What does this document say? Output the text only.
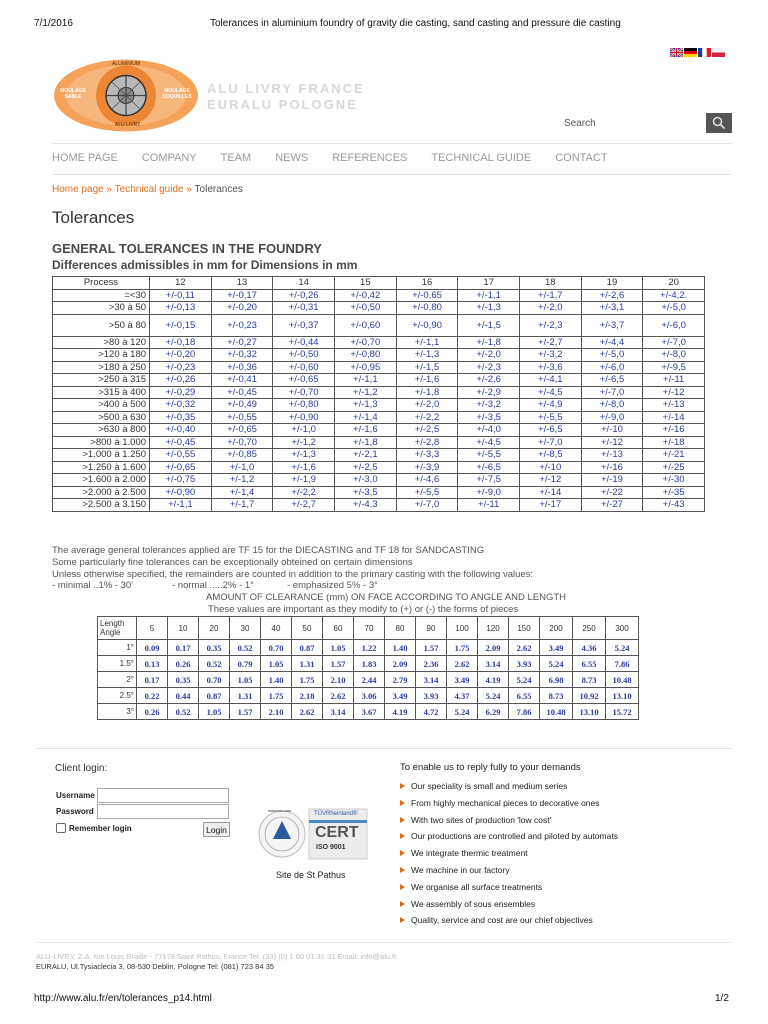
7/1/2016	Tolerances in aluminium foundry of gravity die casting, sand casting and pressure die casting
ALUMINIUM
MOULAGE SABLE
MOULAGE COQUILLES
ALU LIVRY
ALU LIVRY FRANCE
EURALU POLOGNE
Search
HOME PAGE COMPANY TEAM NEWS REFERENCES TECHNICAL GUIDE CONTACT
Home page » Technical guide » Tolerances
Tolerances
GENERAL TOLERANCES IN THE FOUNDRY
Differences admissibles in mm for Dimensions in mm
Process	12	13	14	15	16	17	18	19	20
=<30	+/-0,11	+/-0,17	+/-0,26	+/-0,42	+/-0,65	+/-1,1	+/-1,7	+/-2,6	+/-4,2.
>30 à 50	+/-0,13	+/-0,20	+/-0,31	+/-0,50	+/-0,80	+/-1,3	+/-2,0	+/-3,1	+/-5,0
>50 à 80	+/-0,15	+/-0,23	+/-0,37	+/-0,60	+/-0,90	+/-1,5	+/-2,3	+/-3,7	+/-6,0
>80 à 120	+/-0,18	+/-0,27	+/-0,44	+/-0,70	+/-1,1	+/-1,8	+/-2,7	+/-4,4	+/-7,0
>120 à 180	+/-0,20	+/-0,32	+/-0,50	+/-0,80	+/-1,3	+/-2,0	+/-3,2	+/-5,0	+/-8,0
>180 à 250	+/-0,23	+/-0,36	+/-0,60	+/-0,95	+/-1,5	+/-2,3	+/-3,6	+/-6,0	+/-9,5
>250 à 315	+/-0,26	+/-0,41	+/-0,65	+/-1,1	+/-1,6	+/-2,6	+/-4,1	+/-6,5	+/-11
>315 à 400	+/-0,29	+/-0,45	+/-0,70	+/-1,2	+/-1,8	+/-2,9	+/-4,5	+/-7,0	+/-12
>400 à 500	+/-0,32	+/-0,49	+/-0,80	+/-1,3	+/-2,0	+/-3,2	+/-4,9	+/-8,0	+/-13
>500 à 630	+/-0,35	+/-0,55	+/-0,90	+/-1,4	+/-2,2	+/-3,5	+/-5,5	+/-9,0	+/-14
>630 à 800	+/-0,40	+/-0,65	+/-1,0	+/-1,6	+/-2,5	+/-4,0	+/-6,5	+/-10	+/-16
>800 à 1.000	+/-0,45	+/-0,70	+/-1,2	+/-1,8	+/-2,8	+/-4,5	+/-7,0	+/-12	+/-18
>1.000 à 1.250	+/-0,55	+/-0,85	+/-1,3	+/-2,1	+/-3,3	+/-5,5	+/-8,5	+/-13	+/-21
>1.250 à 1.600	+/-0,65	+/-1,0	+/-1,6	+/-2,5	+/-3,9	+/-6,5	+/-10	+/-16	+/-25
>1.600 à 2.000	+/-0,75	+/-1,2	+/-1,9	+/-3,0	+/-4,6	+/-7,5	+/-12	+/-19	+/-30
>2.000 à 2.500	+/-0,90	+/-1,4	+/-2,2	+/-3,5	+/-5,5	+/-9,0	+/-14	+/-22	+/-35
>2.500 à 3.150	+/-1,1	+/-1,7	+/-2,7	+/-4,3	+/-7,0	+/-11	+/-17	+/-27	+/-43
The average general tolerances applied are TF 15 for the DIECASTING and TF 18 for SANDCASTING
Some particularly fine tolerances can be exceptionally obteined on certain dimensions
Unless otherwise specified, the remainders are counted in addition to the primary casting with the following values:
- minimal ..1% - 30'	- normal .....2% - 1°	- emphasized 5% - 3°
AMOUNT OF CLEARANCE (mm) ON FACE ACCORDING TO ANGLE AND LENGTH
These values are important as they modify to (+) or (-) the forms of pieces
Length
Angle	5	10	20	30	40	50	60	70	80	90	100	120	150	200	250	300
1°	0.09	0.17	0.35	0.52	0.70	0.87	1.05	1.22	1.40	1.57	1.75	2.09	2.62	3.49	4.36	5.24
1.5°	0.13	0.26	0.52	0.79	1.05	1.31	1.57	1.83	2.09	2.36	2.62	3.14	3.93	5.24	6.55	7.86
2°	0.17	0.35	0.70	1.05	1.40	1.75	2.10	2.44	2.79	3.14	3.49	4.19	5.24	6.98	8.73	10.48
2.5°	0.22	0.44	0.87	1.31	1.75	2.18	2.62	3.06	3.49	3.93	4.37	5.24	6.55	8.73	10.92	13.10
3°	0.26	0.52	1.05	1.57	2.10	2.62	3.14	3.67	4.19	4.72	5.24	6.29	7.86	10.48	13.10	15.72
Client login:
Username
Password
Remember login	Login
TÜVRheinland®
CERT
ISO 9001
www.tuv.com
Site de St Pathus
To enable us to reply fully to your demands
Our speciality is small and medium series
From highly mechanical pieces to decorative ones
With two sites of production 'low cost'
Our productions are controlled and piloted by automats
We integrate thermic treatment
We machine in our factory
We organise all surface treatments
We assembly of sous ensembles
Quality, service and cost are our chief objectives
ALU-LIVRY, Z.A. rue Louis Braille - 77178 Saint Pathus, France Tel: (33) (0) 1 60 01 31 31 Email: info@alu.fr
EURALU, Ul.Tysiaclecia 3, 08-530 Deblin, Pologne Tel: (081) 723 84 35
http://www.alu.fr/en/tolerances_p14.html	1/2
